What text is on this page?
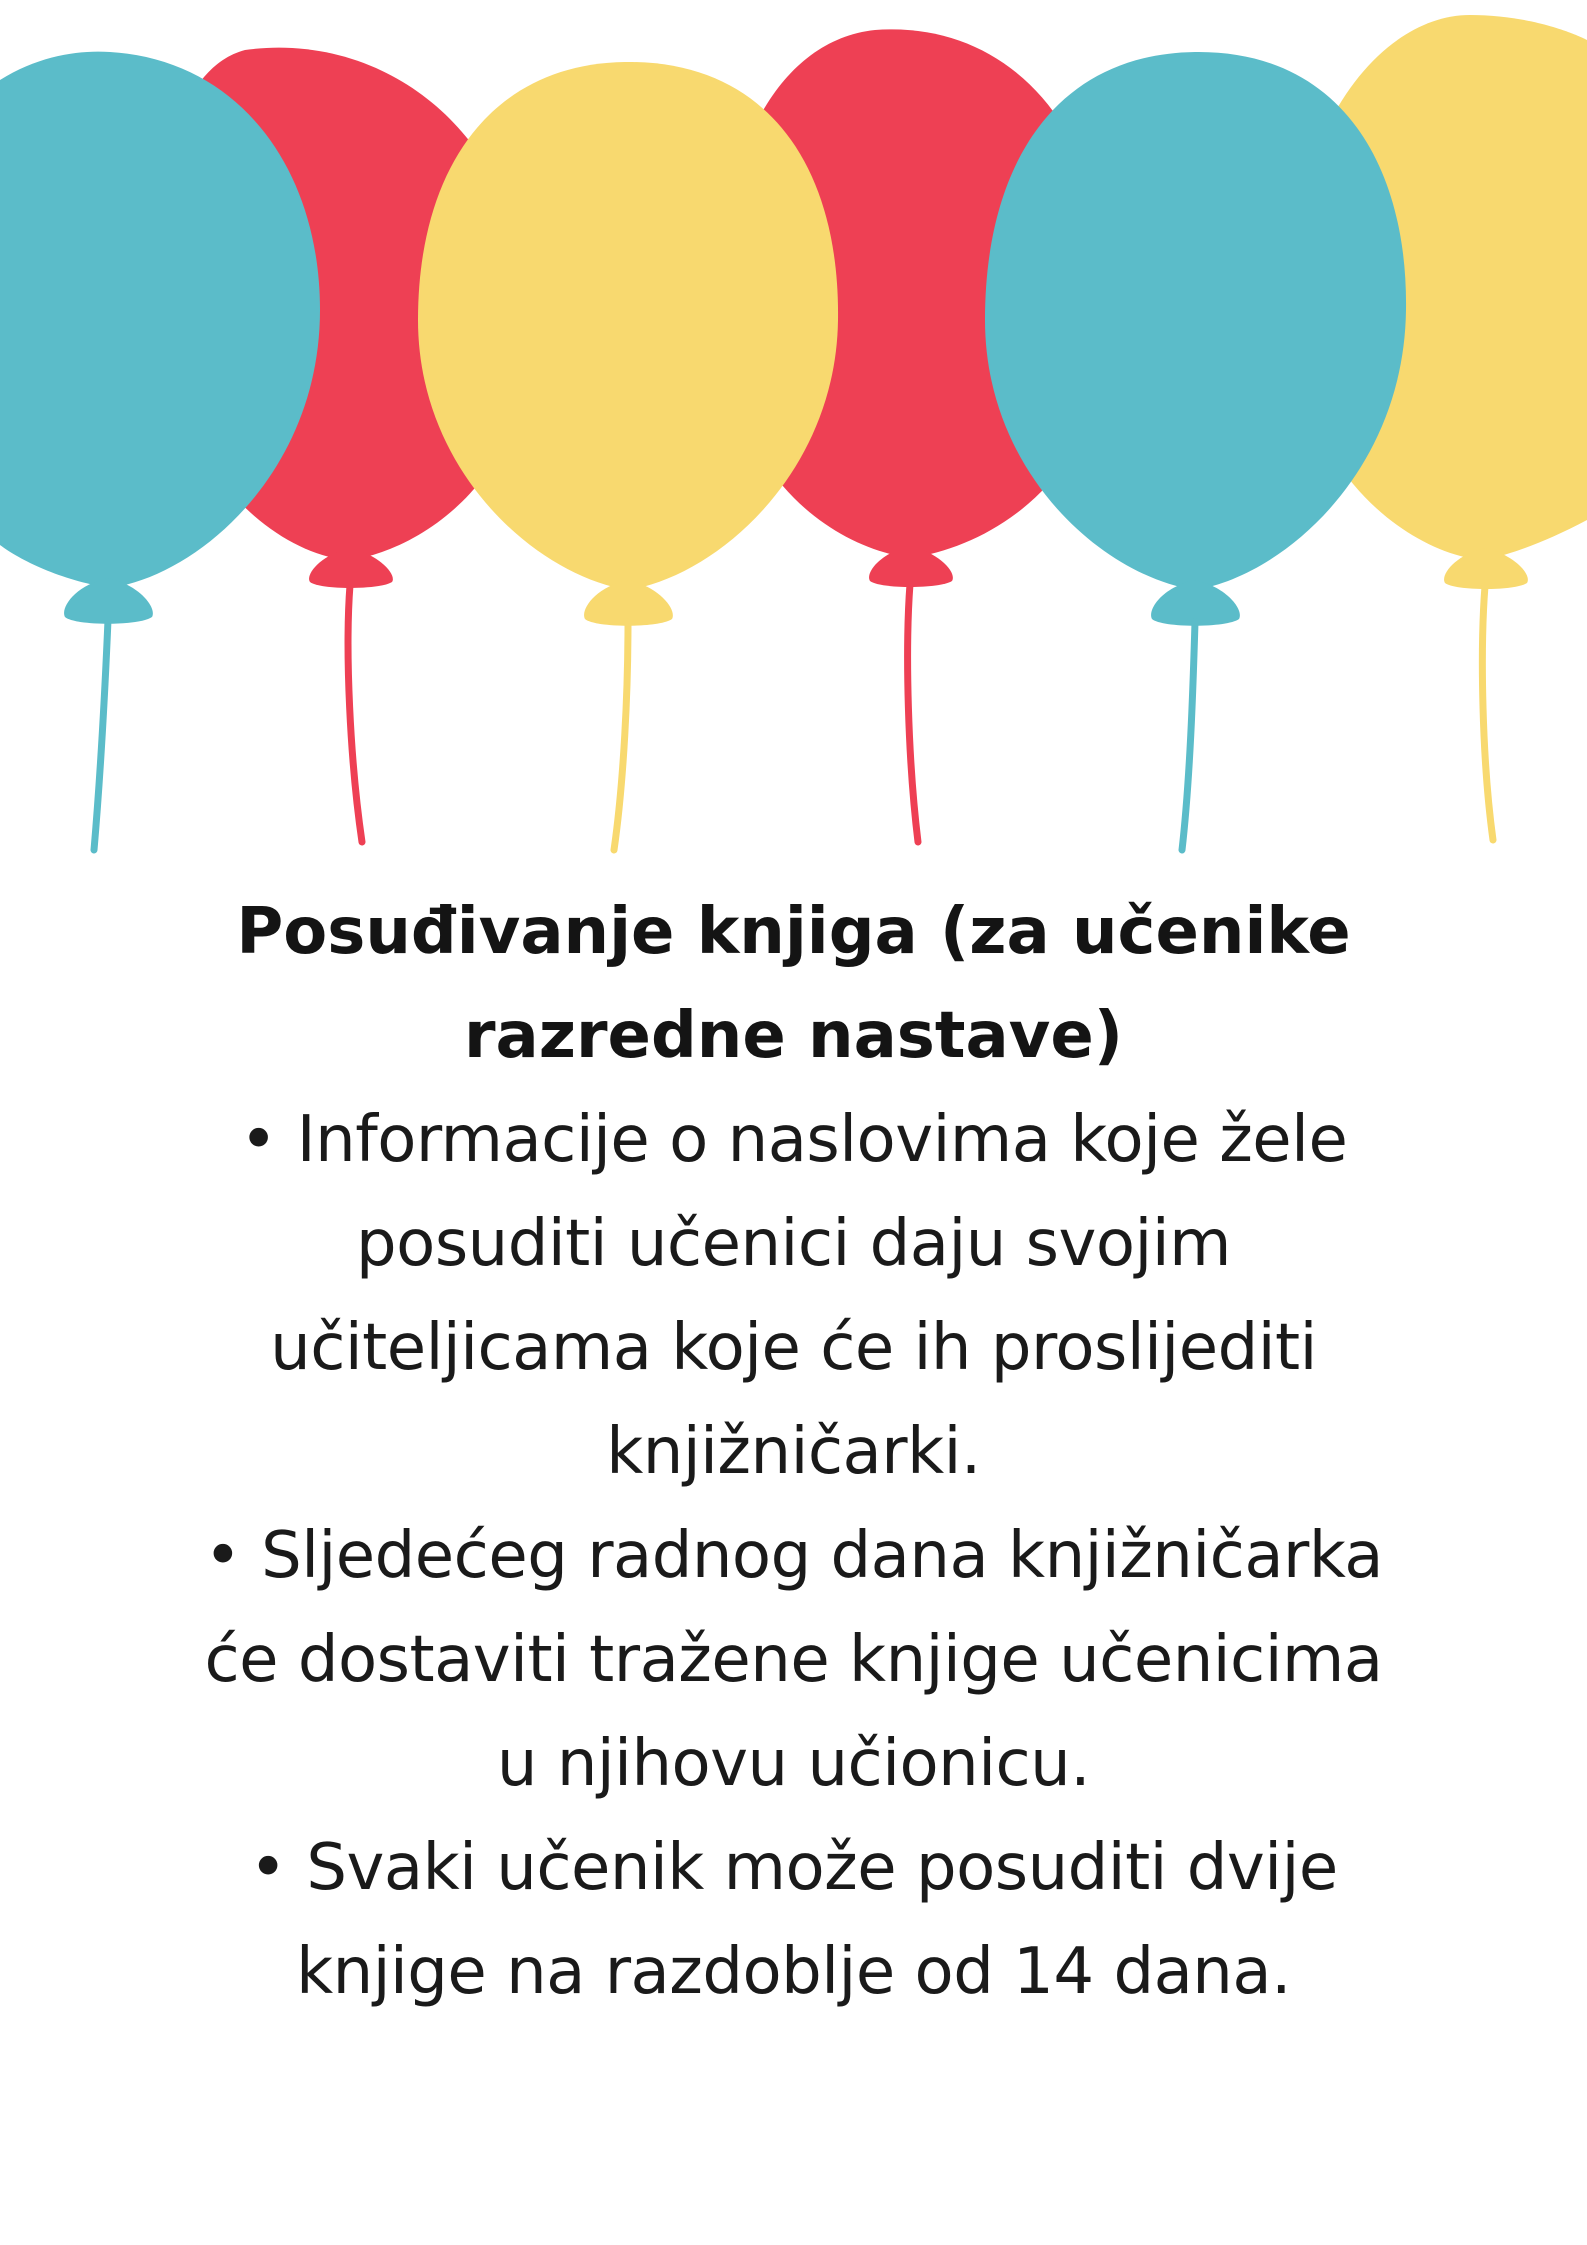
Posuđivanje knjiga (za učenike

razredne nastave)

• Informacije o naslovima koje žele

posuditi učenici daju svojim

učiteljicama koje će ih proslijediti

knjižničarki.

• Sljedećeg radnog dana knjižničarka

će dostaviti tražene knjige učenicima

u njihovu učionicu.

• Svaki učenik može posuditi dvije

knjige na razdoblje od 14 dana.
